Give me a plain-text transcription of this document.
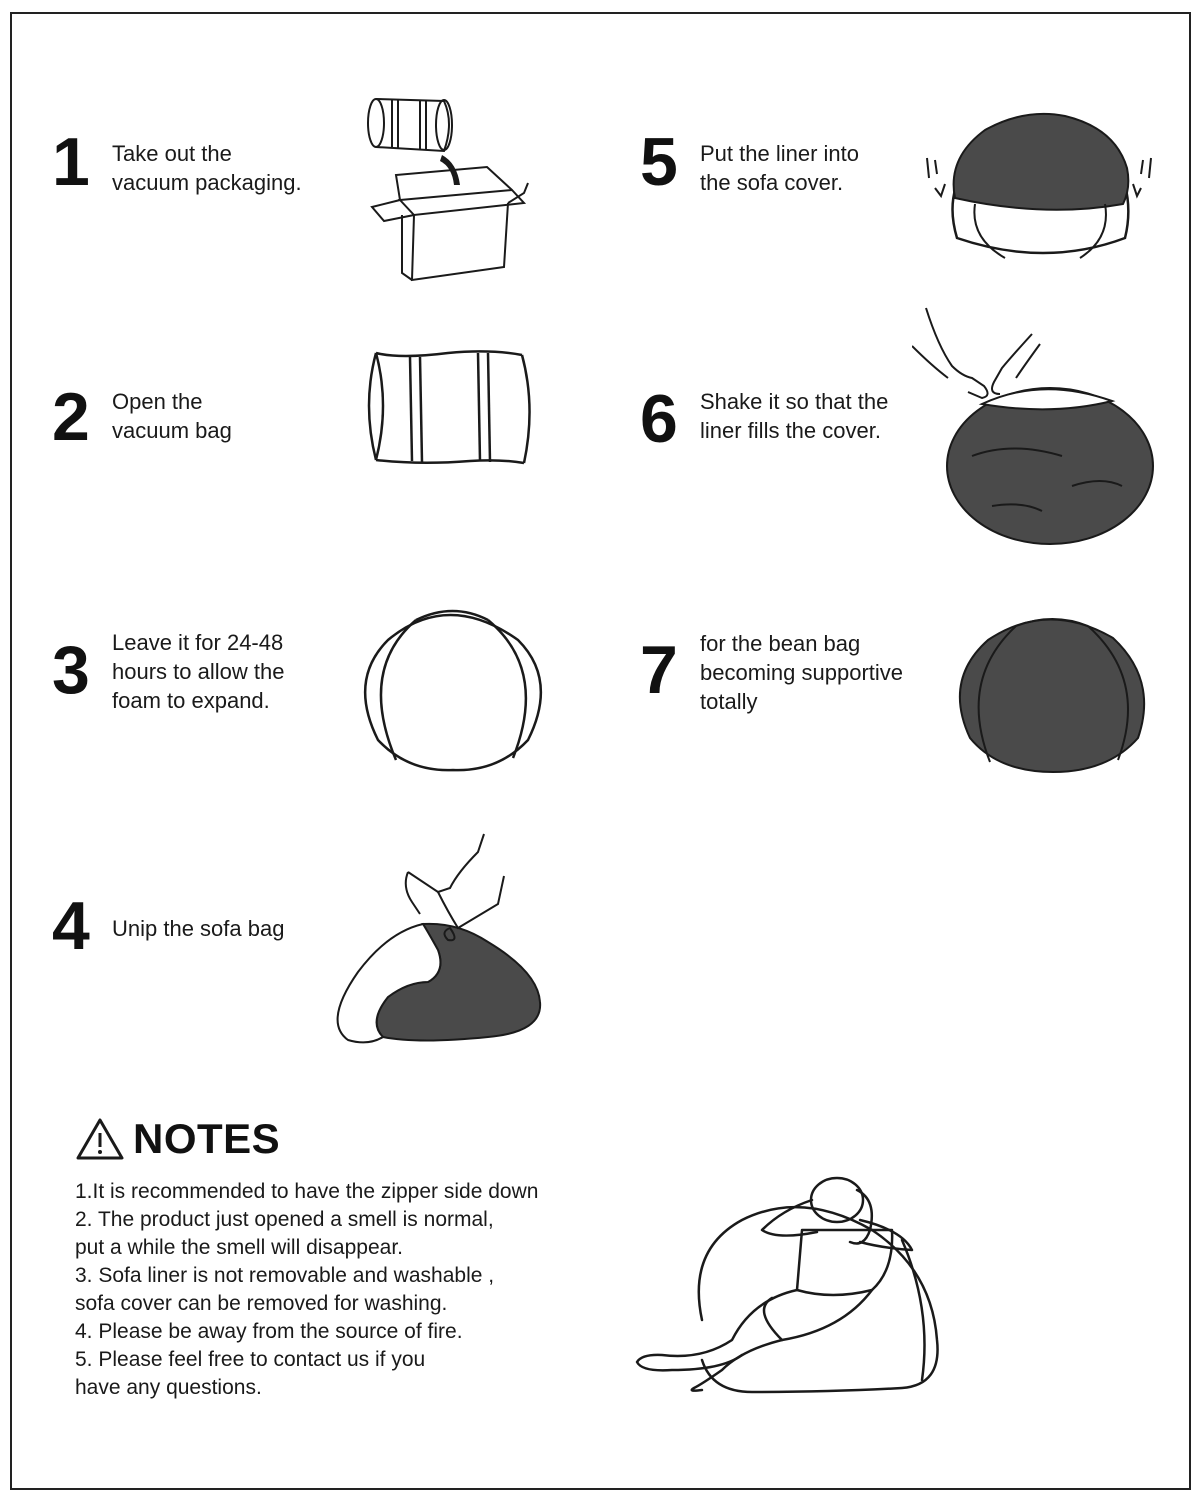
1 Take out the
vacuum packaging.
2 Open the
vacuum bag
3 Leave it for 24-48
hours to allow the
foam to expand.
4 Unip the sofa bag
5 Put the liner into
the sofa cover.
6 Shake it so that the
liner fills the cover.
7 for the bean bag
becoming supportive
totally
NOTES
1.It is recommended to have the zipper side down
2. The product just opened a smell is normal,
put a while the smell will disappear.
3. Sofa liner is not removable and washable ,
sofa cover can be removed for washing.
4. Please be away from the source of fire.
5. Please feel free to contact us if you
have any questions.
